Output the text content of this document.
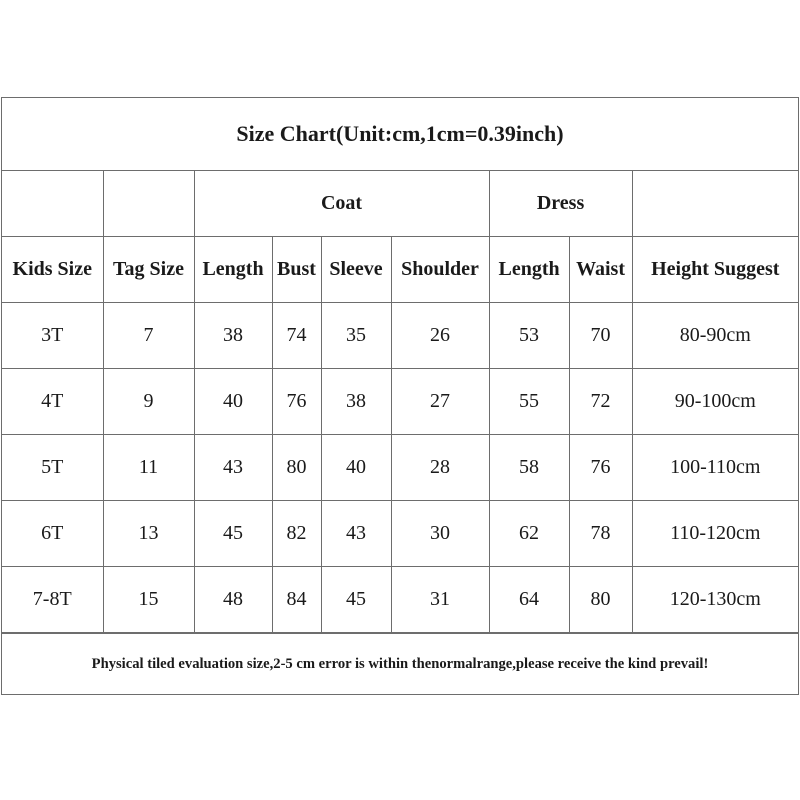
Size Chart(Unit:cm,1cm=0.39inch)
		Coat				Dress		
Kids Size	Tag Size	Length	Bust	Sleeve	Shoulder	Length	Waist	Height Suggest
3T	7	38	74	35	26	53	70	80-90cm
4T	9	40	76	38	27	55	72	90-100cm
5T	11	43	80	40	28	58	76	100-110cm
6T	13	45	82	43	30	62	78	110-120cm
7-8T	15	48	84	45	31	64	80	120-130cm
Physical tiled evaluation size,2-5 cm error is within thenormalrange,please receive the kind prevail!
